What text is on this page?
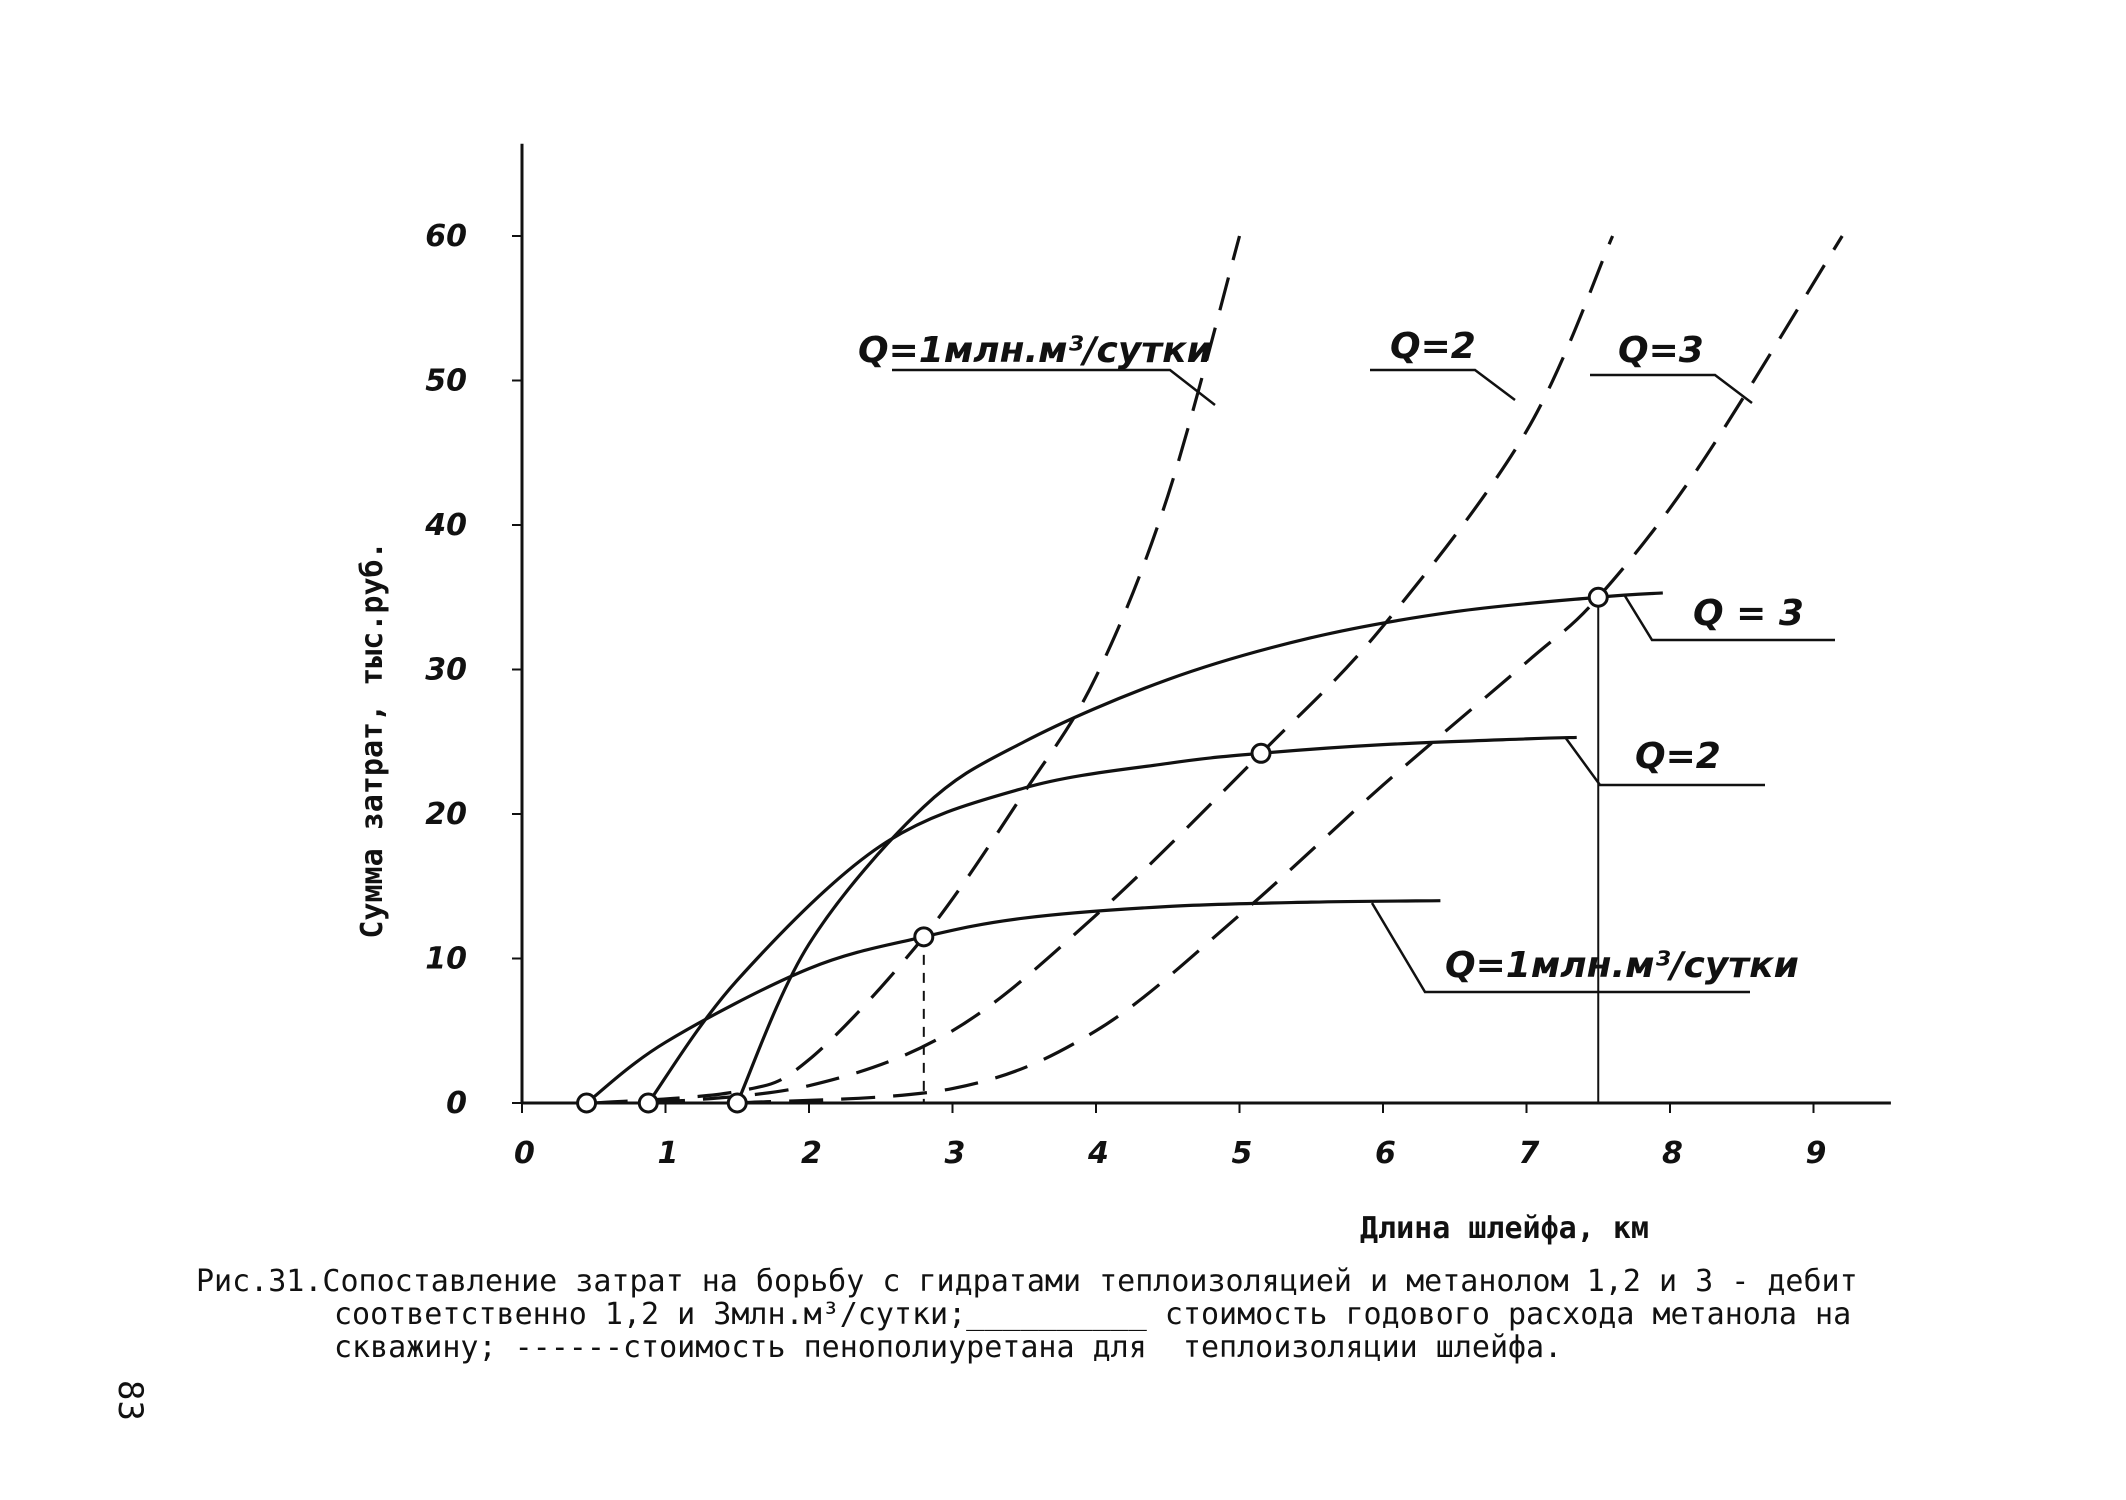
0	1	2	3	4	5	6	7	8	9
0
10
20
30
40
50
60
Q=1млн.м³/сутки	Q=2	Q=3
Q = 3
Q=2
Q=1млн.м³/сутки
Длина шлейфа, км
Сумма затрат, тыс.руб.
Рис.31.Сопоставление затрат на борьбу с гидратами теплоизоляцией и метанолом 1,2 и 3 - дебит
соответственно 1,2 и 3млн.м³/сутки;__________ стоимость годового расхода метанола на
скважину; ------стоимость пенополиуретана для  теплоизоляции шлейфа.
83
